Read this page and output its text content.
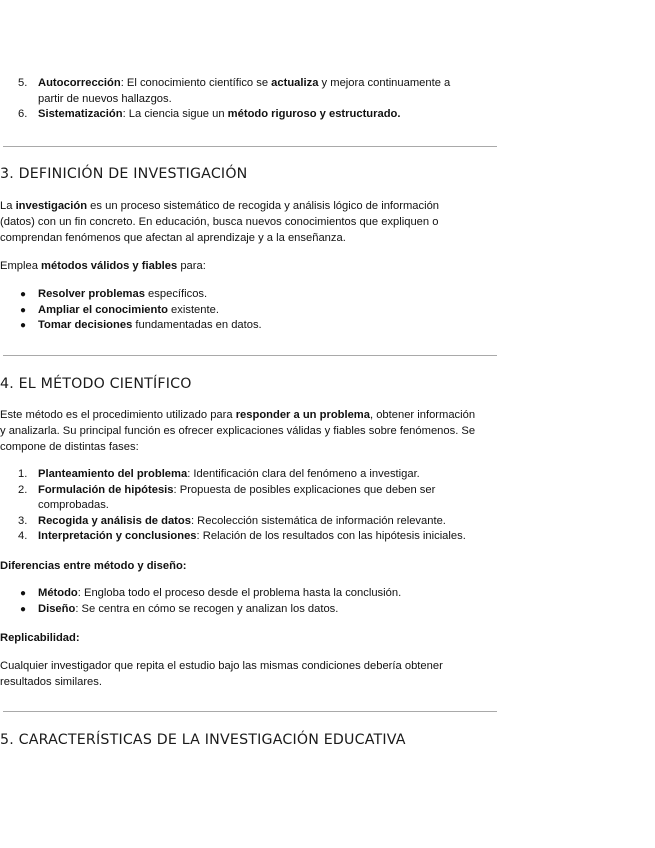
5. Autocorrección: El conocimiento científico se actualiza y mejora continuamente a
partir de nuevos hallazgos.
6. Sistematización: La ciencia sigue un método riguroso y estructurado.
3. DEFINICIÓN DE INVESTIGACIÓN

La investigación es un proceso sistemático de recogida y análisis lógico de información
(datos) con un fin concreto. En educación, busca nuevos conocimientos que expliquen o
comprendan fenómenos que afectan al aprendizaje y a la enseñanza.

Emplea métodos válidos y fiables para:

● Resolver problemas específicos.
● Ampliar el conocimiento existente.
● Tomar decisiones fundamentadas en datos.
4. EL MÉTODO CIENTÍFICO

Este método es el procedimiento utilizado para responder a un problema, obtener información
y analizarla. Su principal función es ofrecer explicaciones válidas y fiables sobre fenómenos. Se
compone de distintas fases:

1. Planteamiento del problema: Identificación clara del fenómeno a investigar.
2. Formulación de hipótesis: Propuesta de posibles explicaciones que deben ser
comprobadas.
3. Recogida y análisis de datos: Recolección sistemática de información relevante.
4. Interpretación y conclusiones: Relación de los resultados con las hipótesis iniciales.

Diferencias entre método y diseño:

● Método: Engloba todo el proceso desde el problema hasta la conclusión.
● Diseño: Se centra en cómo se recogen y analizan los datos.

Replicabilidad:

Cualquier investigador que repita el estudio bajo las mismas condiciones debería obtener
resultados similares.

5. CARACTERÍSTICAS DE LA INVESTIGACIÓN EDUCATIVA
